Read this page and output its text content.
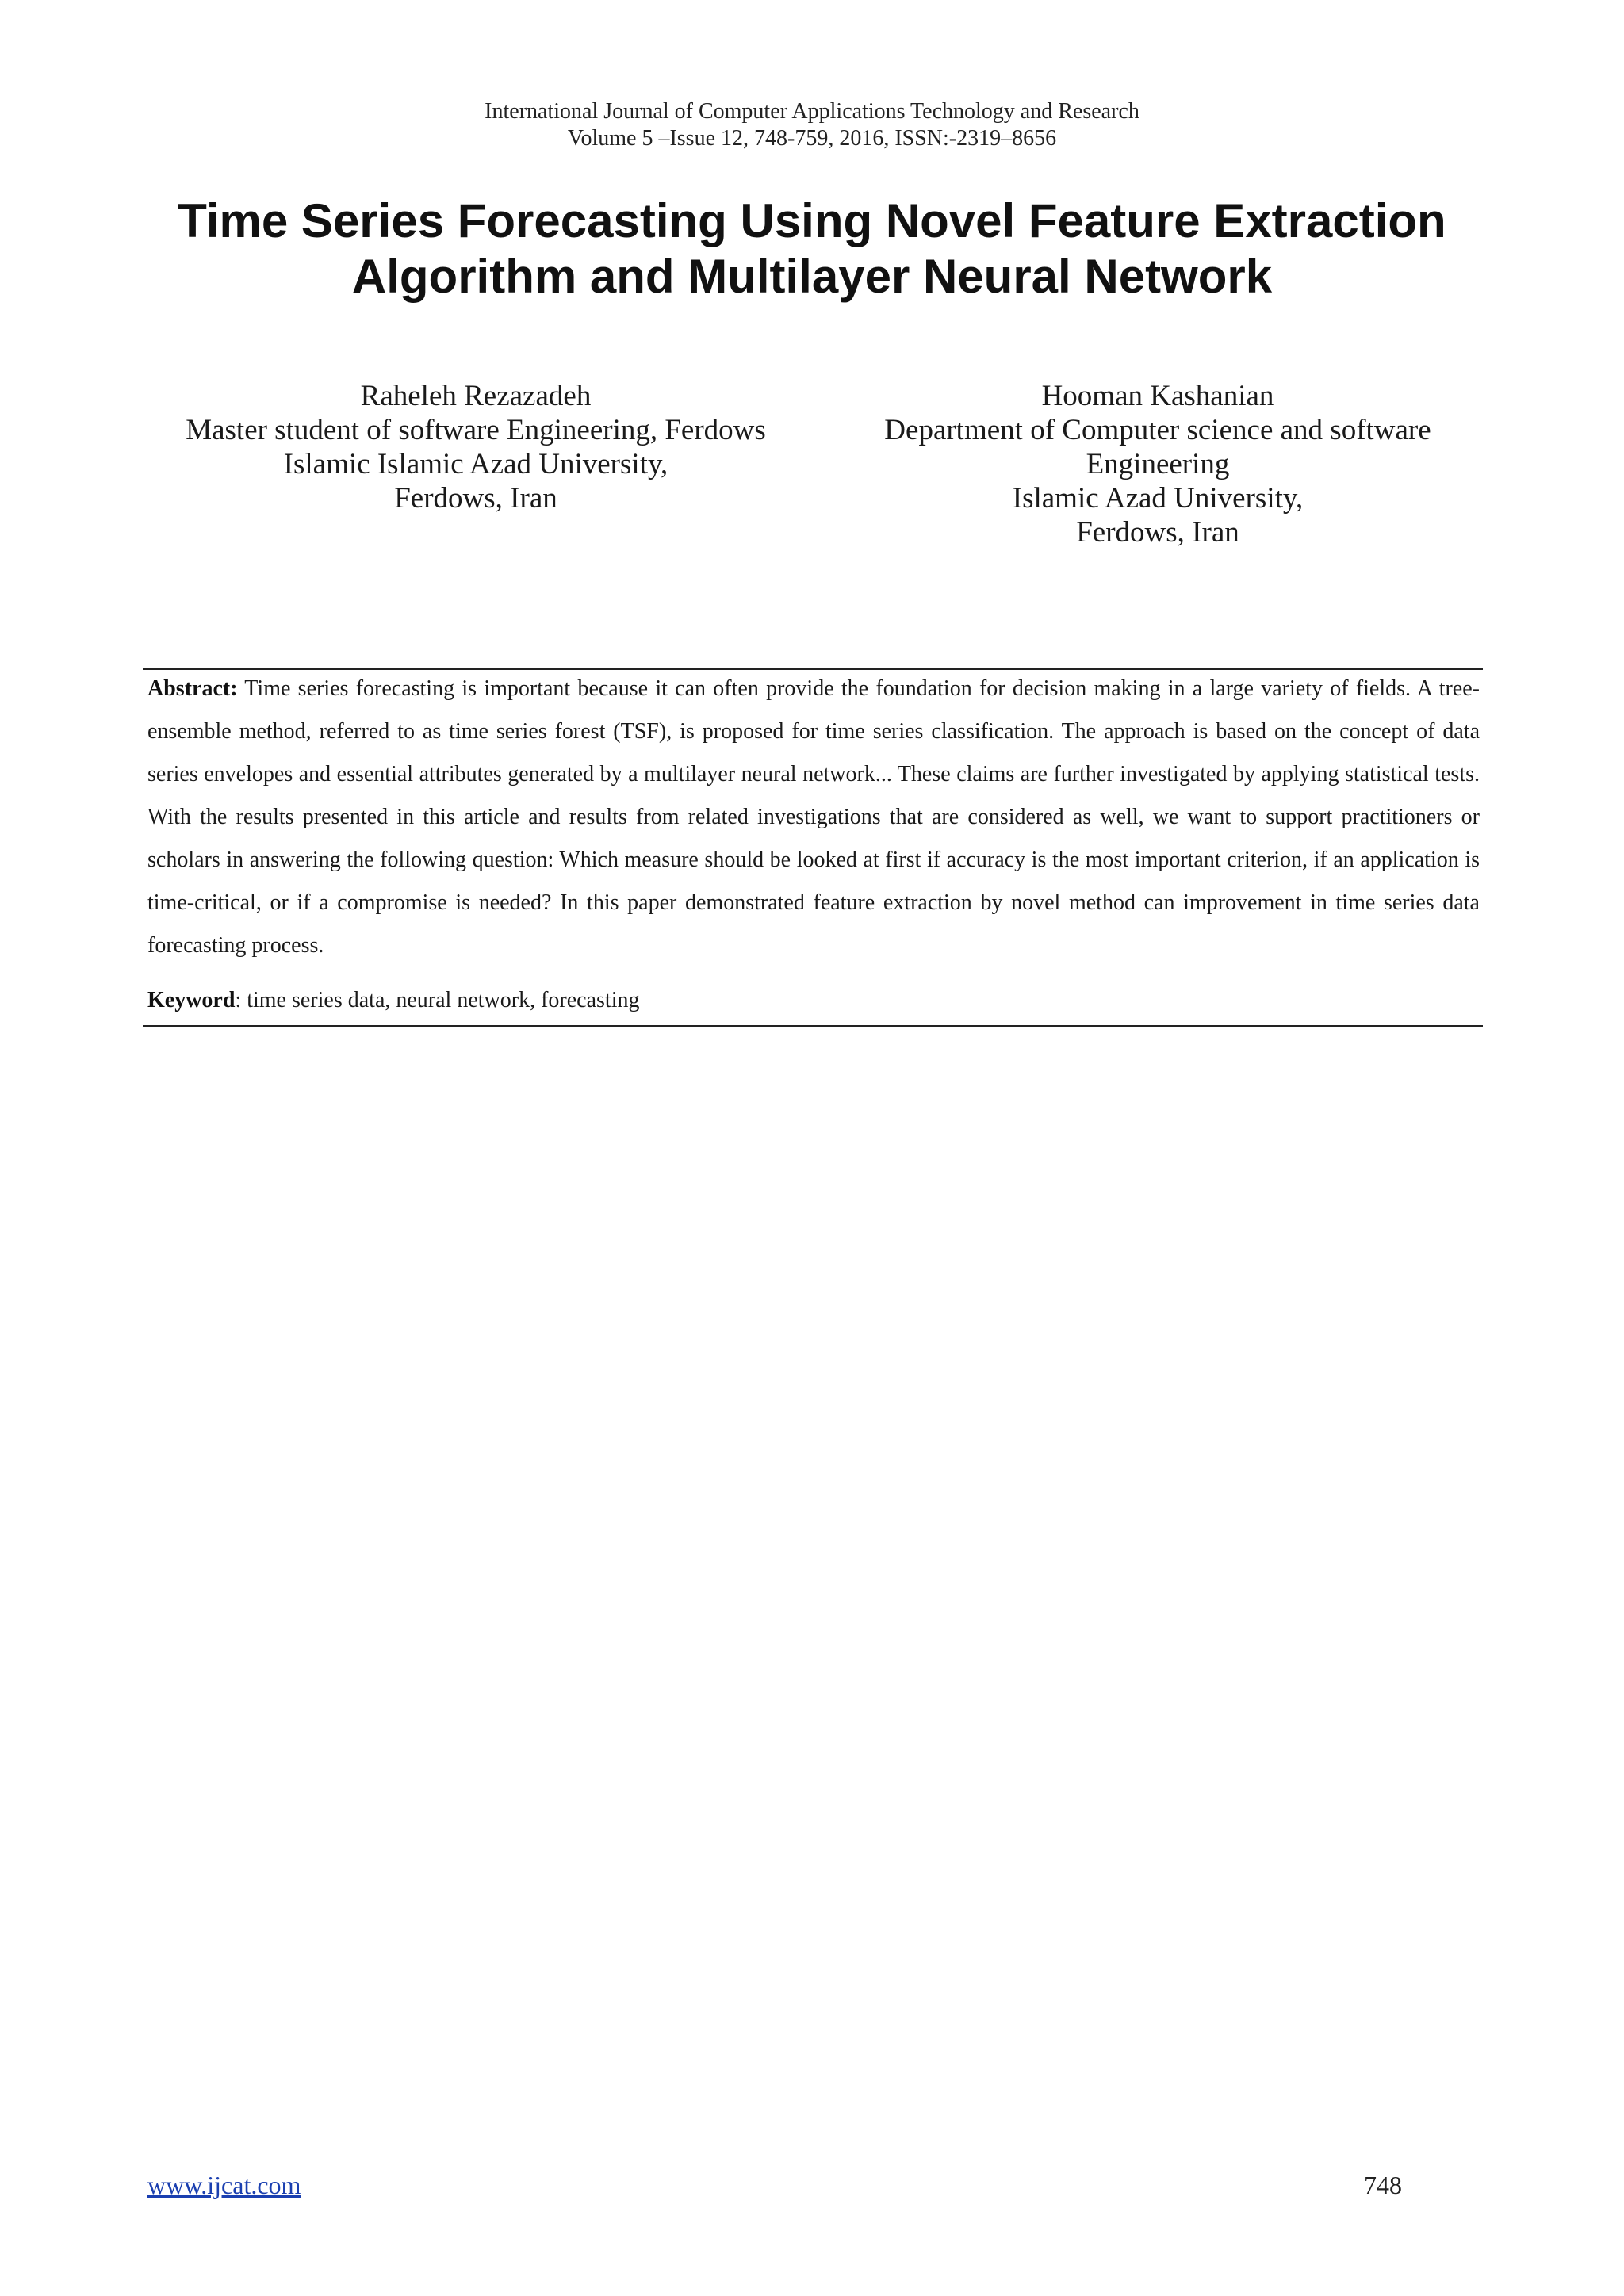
International Journal of Computer Applications Technology and Research
Volume 5 –Issue 12, 748-759, 2016, ISSN:-2319–8656
Time Series Forecasting Using Novel Feature Extraction
Algorithm and Multilayer Neural Network
Raheleh Rezazadeh
Master student of software Engineering, Ferdows
Islamic Islamic Azad University,
Ferdows, Iran
Hooman Kashanian
Department of Computer science and software
Engineering
Islamic Azad University,
Ferdows, Iran
Abstract: Time series forecasting is important because it can often provide the foundation for decision making in a large variety of fields. A tree-ensemble method, referred to as time series forest (TSF), is proposed for time series classification. The approach is based on the concept of data series envelopes and essential attributes generated by a multilayer neural network... These claims are further investigated by applying statistical tests. With the results presented in this article and results from related investigations that are considered as well, we want to support practitioners or scholars in answering the following question: Which measure should be looked at first if accuracy is the most important criterion, if an application is time-critical, or if a compromise is needed? In this paper demonstrated feature extraction by novel method can improvement in time series data forecasting process.
Keyword: time series data, neural network, forecasting
www.ijcat.com	748
